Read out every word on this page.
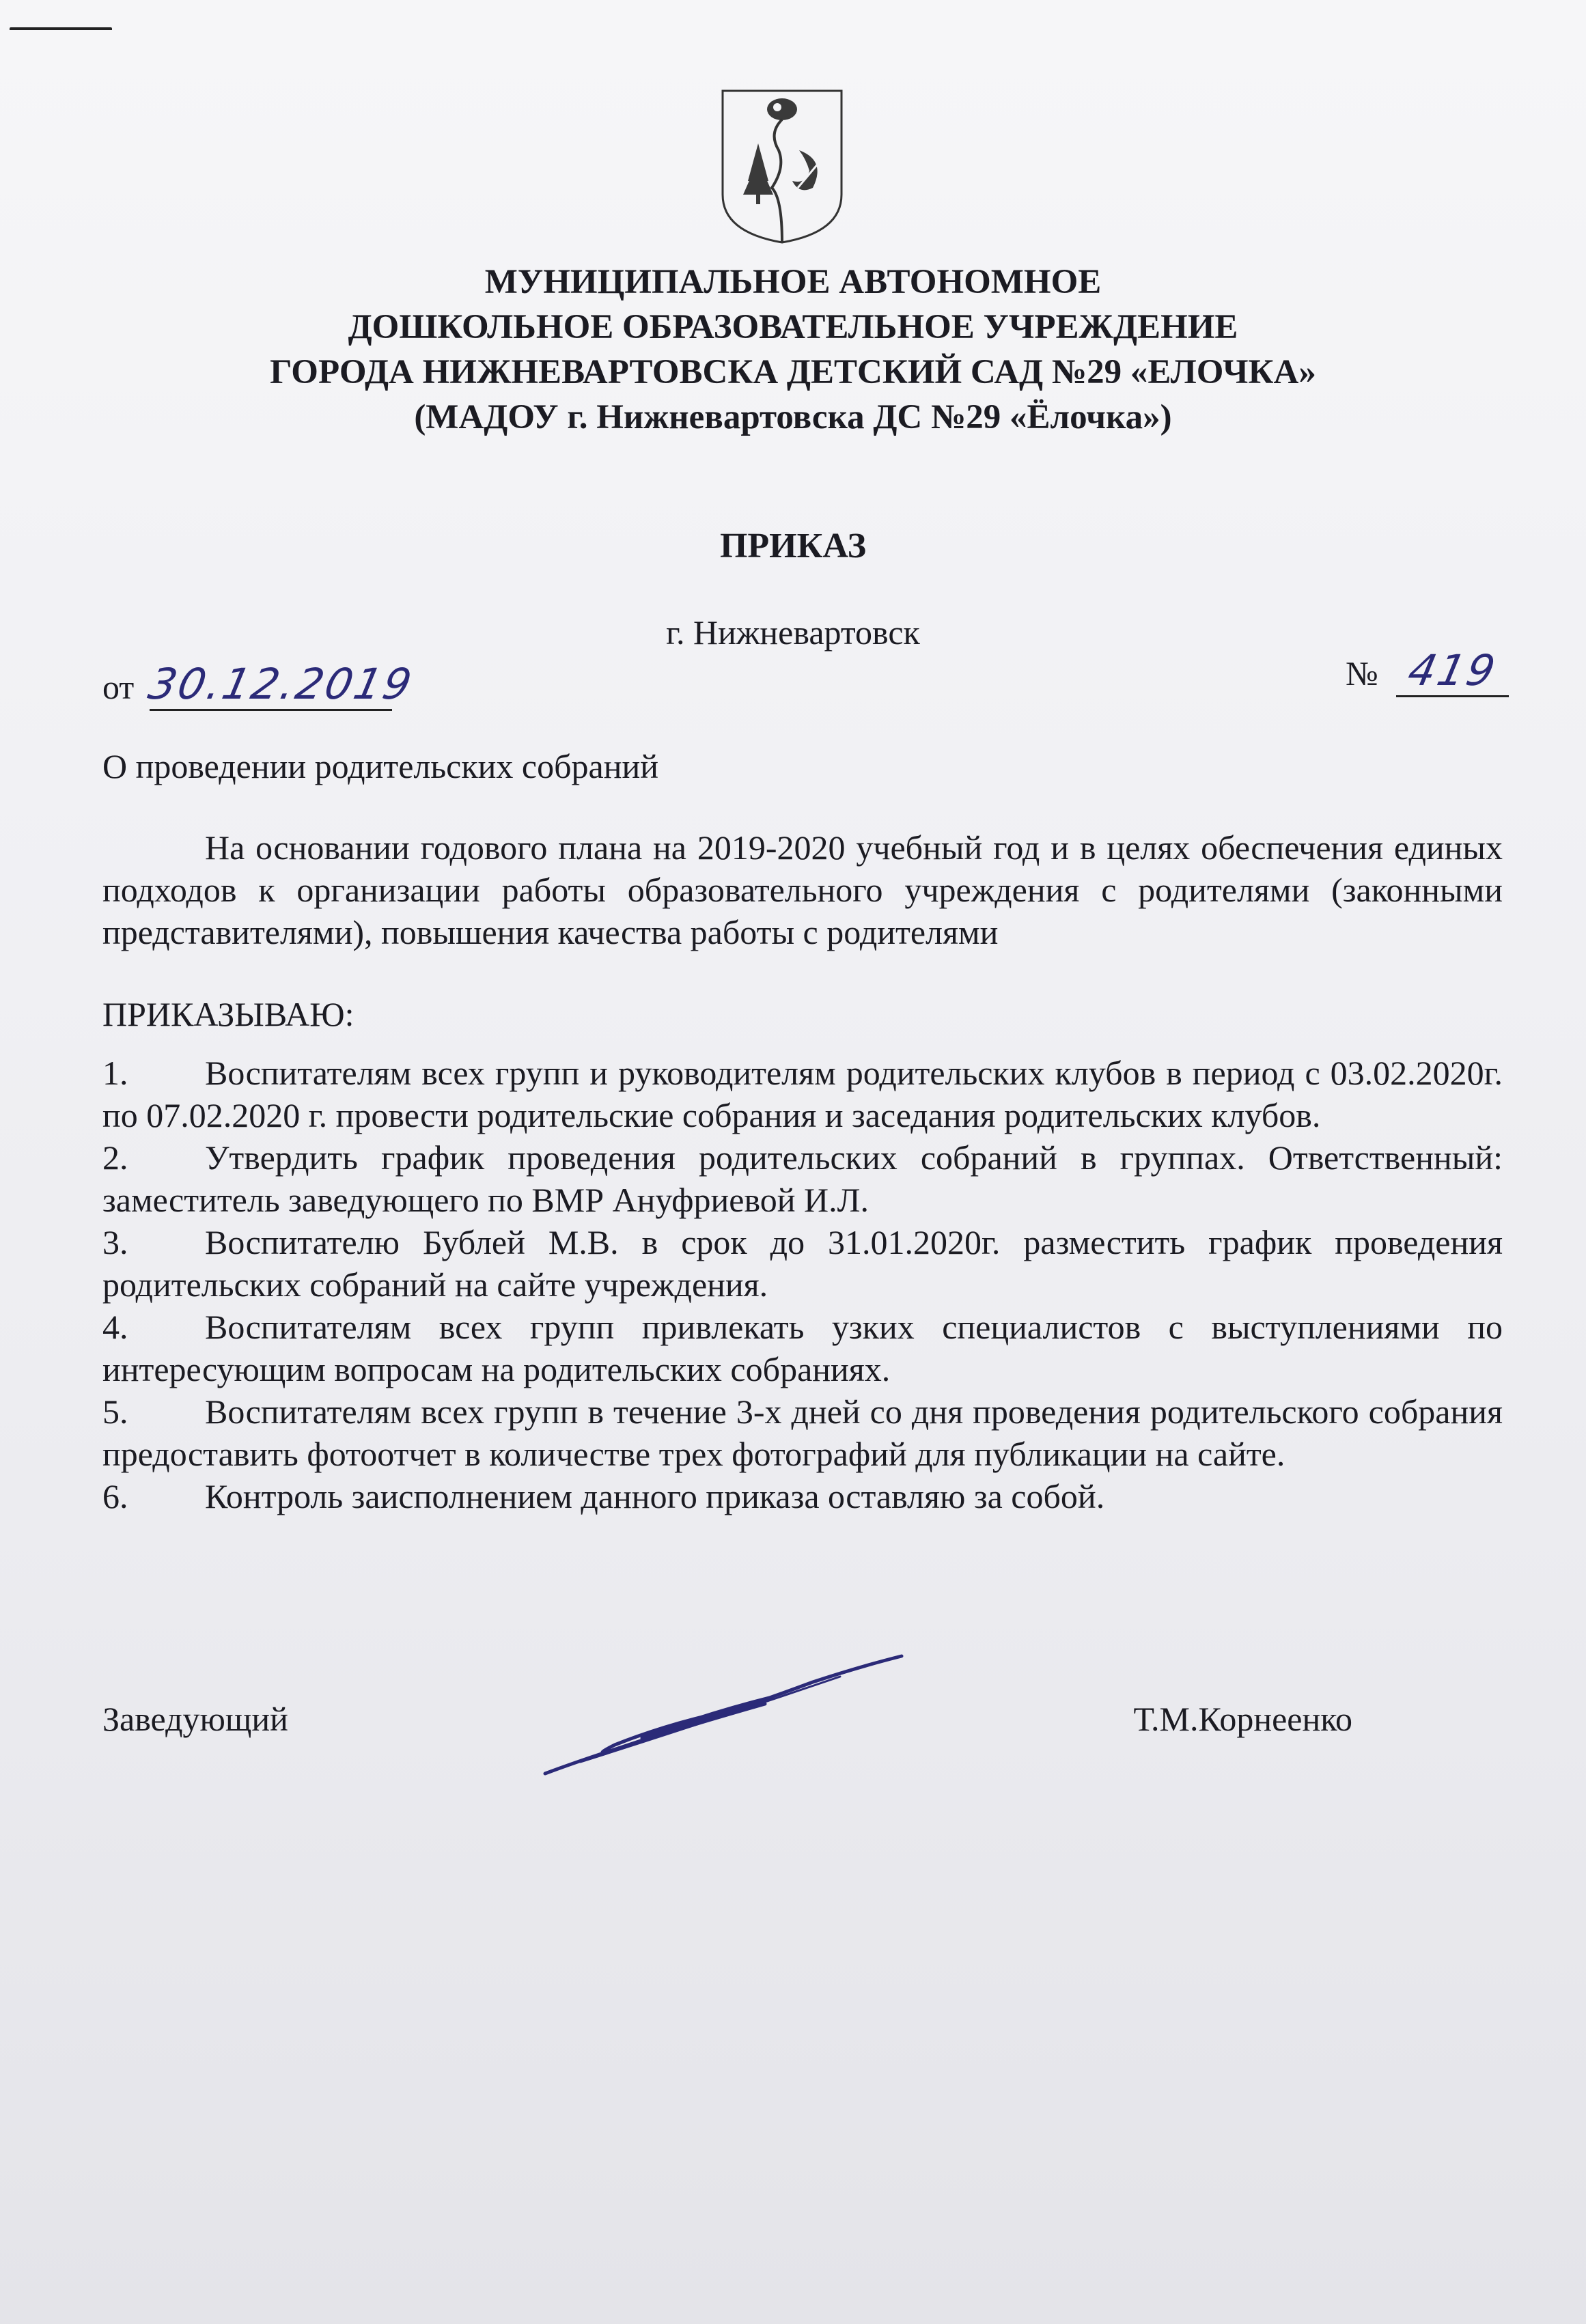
МУНИЦИПАЛЬНОЕ АВТОНОМНОЕ
ДОШКОЛЬНОЕ ОБРАЗОВАТЕЛЬНОЕ УЧРЕЖДЕНИЕ
ГОРОДА НИЖНЕВАРТОВСКА ДЕТСКИЙ САД №29 «ЕЛОЧКА»
(МАДОУ г. Нижневартовска ДС №29 «Ёлочка»)
ПРИКАЗ
г. Нижневартовск
от 30.12.2019	№ 419
О проведении родительских собраний
На основании годового плана на 2019-2020 учебный год и в целях обеспечения единых подходов к организации работы образовательного учреждения с родителями (законными представителями), повышения качества работы с родителями
ПРИКАЗЫВАЮ:
1. Воспитателям всех групп и руководителям родительских клубов в период с 03.02.2020г. по 07.02.2020 г. провести родительские собрания и заседания родительских клубов.
2. Утвердить график проведения родительских собраний в группах. Ответственный: заместитель заведующего по ВМР Ануфриевой И.Л.
3. Воспитателю Бублей М.В. в срок до 31.01.2020г. разместить график проведения родительских собраний на сайте учреждения.
4. Воспитателям всех групп привлекать узких специалистов с выступлениями по интересующим вопросам на родительских собраниях.
5. Воспитателям всех групп в течение 3-х дней со дня проведения родительского собрания предоставить фотоотчет в количестве трех фотографий для публикации на сайте.
6. Контроль заисполнением данного приказа оставляю за собой.
Заведующий	Т.М.Корнеенко
